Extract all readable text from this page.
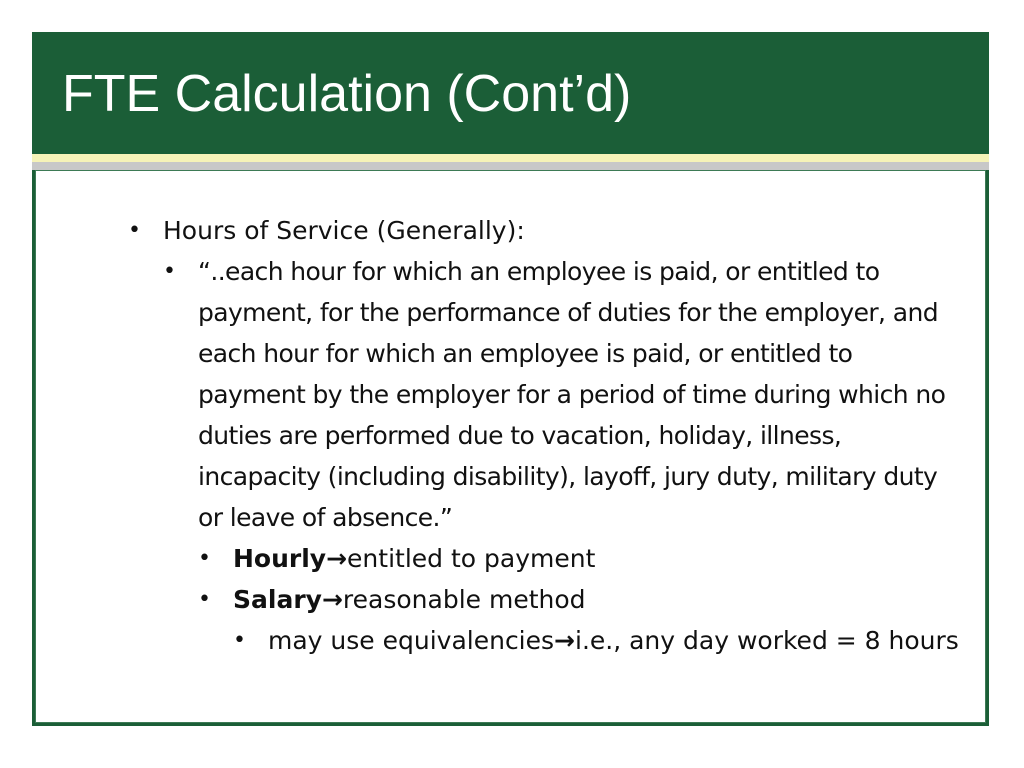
FTE Calculation (Cont’d)
• Hours of Service (Generally):
• “..each hour for which an employee is paid, or entitled to payment, for the performance of duties for the employer, and each hour for which an employee is paid, or entitled to payment by the employer for a period of time during which no duties are performed due to vacation, holiday, illness, incapacity (including disability), layoff, jury duty, military duty or leave of absence.”
• Hourly→entitled to payment
• Salary→reasonable method
• may use equivalencies→i.e., any day worked = 8 hours
